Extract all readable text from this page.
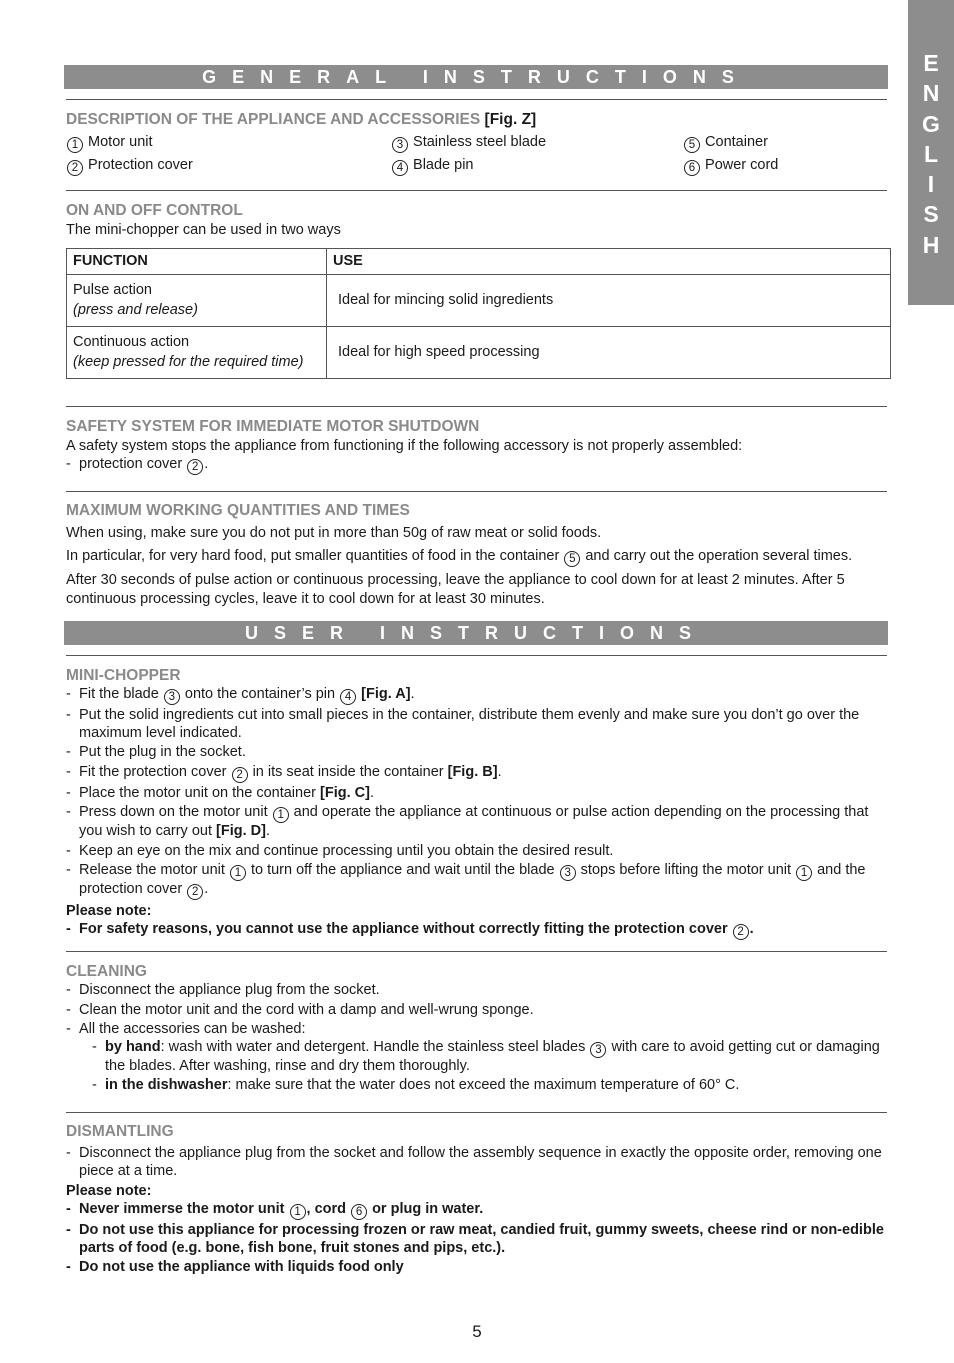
E
N
G
L
I
S
H
GENERAL INSTRUCTIONS
DESCRIPTION OF THE APPLIANCE AND ACCESSORIES [Fig. Z]
1 Motor unit	3 Stainless steel blade	5 Container
2 Protection cover	4 Blade pin	6 Power cord
ON AND OFF CONTROL
The mini-chopper can be used in two ways
FUNCTION	USE
Pulse action
(press and release)	Ideal for mincing solid ingredients
Continuous action
(keep pressed for the required time)	Ideal for high speed processing
SAFETY SYSTEM FOR IMMEDIATE MOTOR SHUTDOWN
A safety system stops the appliance from functioning if the following accessory is not properly assembled:
- protection cover 2 .
MAXIMUM WORKING QUANTITIES AND TIMES
When using, make sure you do not put in more than 50g of raw meat or solid foods.
In particular, for very hard food, put smaller quantities of food in the container 5 and carry out the operation several times.
After 30 seconds of pulse action or continuous processing, leave the appliance to cool down for at least 2 minutes. After 5 continuous processing cycles, leave it to cool down for at least 30 minutes.
USER INSTRUCTIONS
MINI-CHOPPER
- Fit the blade 3 onto the container’s pin 4 [Fig. A].
- Put the solid ingredients cut into small pieces in the container, distribute them evenly and make sure you don’t go over the maximum level indicated.
- Put the plug in the socket.
- Fit the protection cover 2 in its seat inside the container [Fig. B].
- Place the motor unit on the container [Fig. C].
- Press down on the motor unit 1 and operate the appliance at continuous or pulse action depending on the processing that you wish to carry out [Fig. D].
- Keep an eye on the mix and continue processing until you obtain the desired result.
- Release the motor unit 1 to turn off the appliance and wait until the blade 3 stops before lifting the motor unit 1 and the protection cover 2 .
Please note:
- For safety reasons, you cannot use the appliance without correctly fitting the protection cover 2 .
CLEANING
- Disconnect the appliance plug from the socket.
- Clean the motor unit and the cord with a damp and well-wrung sponge.
- All the accessories can be washed:
- by hand: wash with water and detergent. Handle the stainless steel blades 3 with care to avoid getting cut or damaging the blades. After washing, rinse and dry them thoroughly.
- in the dishwasher: make sure that the water does not exceed the maximum temperature of 60° C.
DISMANTLING
- Disconnect the appliance plug from the socket and follow the assembly sequence in exactly the opposite order, removing one piece at a time.
Please note:
- Never immerse the motor unit 1 , cord 6 or plug in water.
- Do not use this appliance for processing frozen or raw meat, candied fruit, gummy sweets, cheese rind or non-edible parts of food (e.g. bone, fish bone, fruit stones and pips, etc.).
- Do not use the appliance with liquids food only
5
